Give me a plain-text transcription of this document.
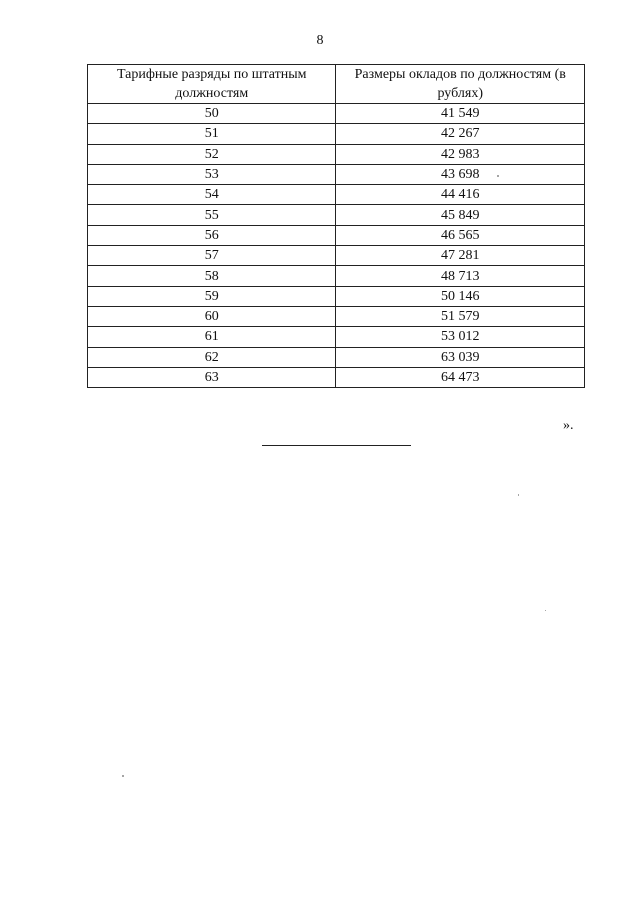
8
Тарифные разряды по штатным должностям	Размеры окладов по должностям (в рублях)
50	41 549
51	42 267
52	42 983
53	43 698
54	44 416
55	45 849
56	46 565
57	47 281
58	48 713
59	50 146
60	51 579
61	53 012
62	63 039
63	64 473
».
